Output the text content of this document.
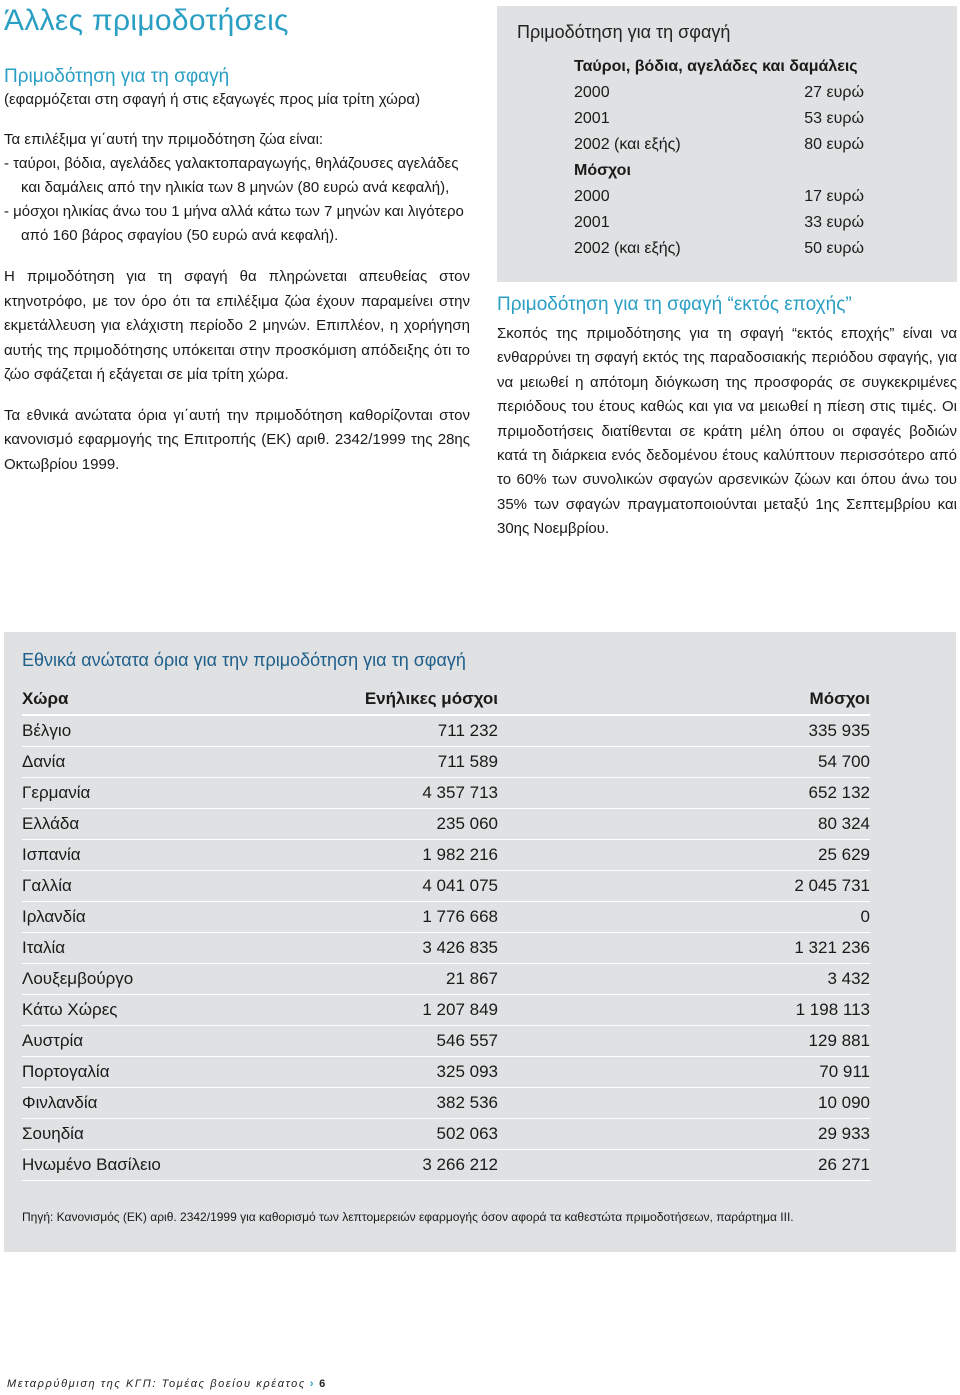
Άλλες πριμοδοτήσεις
Πριμοδότηση για τη σφαγή
(εφαρμόζεται στη σφαγή ή στις εξαγωγές προς μία τρίτη χώρα)

Τα επιλέξιμα γι΄αυτή την πριμοδότηση ζώα είναι:

- ταύροι, βόδια, αγελάδες γαλακτοπαραγωγής, θηλάζουσες αγελάδες και δαμάλεις από την ηλικία των 8 μηνών (80 ευρώ ανά κεφαλή),
- μόσχοι ηλικίας άνω του 1 μήνα αλλά κάτω των 7 μηνών και λιγότερο από 160 βάρος σφαγίου (50 ευρώ ανά κεφαλή).

Η πριμοδότηση για τη σφαγή θα πληρώνεται απευθείας στον κτηνοτρόφο, με τον όρο ότι τα επιλέξιμα ζώα έχουν παραμείνει στην εκμετάλλευση για ελάχιστη περίοδο 2 μηνών. Επιπλέον, η χορήγηση αυτής της πριμοδότησης υπόκειται στην προσκόμιση απόδειξης ότι το ζώο σφάζεται ή εξάγεται σε μία τρίτη χώρα.

Τα εθνικά ανώτατα όρια γι΄αυτή την πριμοδότηση καθορίζονται στον κανονισμό εφαρμογής της Επιτροπής (ΕΚ) αριθ. 2342/1999 της 28ης Οκτωβρίου 1999.

Πριμοδότηση για τη σφαγή
Ταύροι, βόδια, αγελάδες και δαμάλεις
2000	27 ευρώ
2001	53 ευρώ
2002 (και εξής)	80 ευρώ
Μόσχοι
2000	17 ευρώ
2001	33 ευρώ
2002 (και εξής)	50 ευρώ
Πριμοδότηση για τη σφαγή “εκτός εποχής”

Σκοπός της πριμοδότησης για τη σφαγή “εκτός εποχής” είναι να ενθαρρύνει τη σφαγή εκτός της παραδοσιακής περιόδου σφαγής, για να μειωθεί η απότομη διόγκωση της προσφοράς σε συγκεκριμένες περιόδους του έτους καθώς και για να μειωθεί η πίεση στις τιμές. Οι πριμοδοτήσεις διατίθενται σε κράτη μέλη όπου οι σφαγές βοδιών κατά τη διάρκεια ενός δεδομένου έτους καλύπτουν περισσότερο από το 60% των συνολικών σφαγών αρσενικών ζώων και όπου άνω του 35% των σφαγών πραγματοποιούνται μεταξύ 1ης Σεπτεμβρίου και 30ης Νοεμβρίου.

Εθνικά ανώτατα όρια για την πριμοδότηση για τη σφαγή
Χώρα	Ενήλικες μόσχοι	Μόσχοι
Βέλγιο	711 232	335 935
Δανία	711 589	54 700
Γερμανία	4 357 713	652 132
Ελλάδα	235 060	80 324
Ισπανία	1 982 216	25 629
Γαλλία	4 041 075	2 045 731
Ιρλανδία	1 776 668	0
Ιταλία	3 426 835	1 321 236
Λουξεμβούργο	21 867	3 432
Κάτω Χώρες	1 207 849	1 198 113
Αυστρία	546 557	129 881
Πορτογαλία	325 093	70 911
Φινλανδία	382 536	10 090
Σουηδία	502 063	29 933
Ηνωμένο Βασίλειο	3 266 212	26 271
Πηγή: Κανονισμός (ΕΚ) αριθ. 2342/1999 για καθορισμό των λεπτομερειών εφαρμογής όσον αφορά τα καθεστώτα πριμοδοτήσεων, παράρτημα III.
Μεταρρύθμιση της ΚΓΠ: Τομέας βοείου κρέατος › 6
